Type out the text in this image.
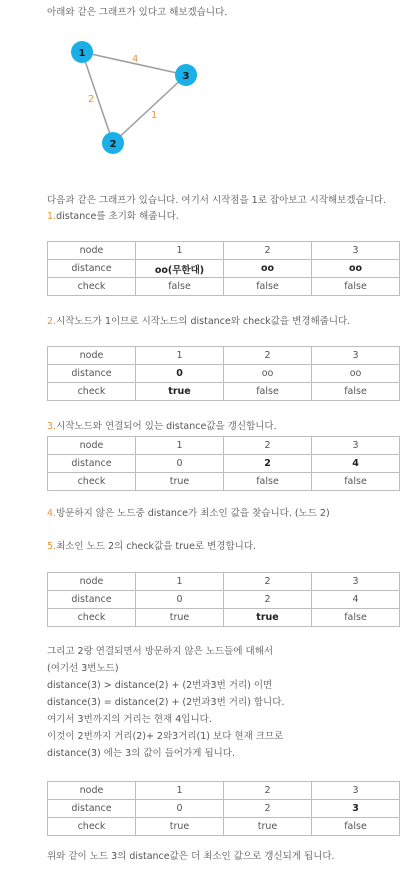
아래와 같은 그래프가 있다고 해보겠습니다.
4
2
1
1
3
2
다음과 같은 그래프가 있습니다. 여기서 시작점을 1로 잡아보고 시작해보겠습니다.
1.distance를 초기화 해줍니다.
node	1	2	3
distance	oo(무한대)	oo	oo
check	false	false	false
2.시작노드가 1이므로 시작노드의 distance와 check값을 변경해줍니다.
node	1	2	3
distance	0	oo	oo
check	true	false	false
3.시작노드와 연결되어 있는 distance값을 갱신합니다.
node	1	2	3
distance	0	2	4
check	true	false	false
4.방문하지 않은 노드중 distance가 최소인 값을 찾습니다. (노드 2)
5.최소인 노드 2의 check값을 true로 변경합니다.
node	1	2	3
distance	0	2	4
check	true	true	false
그리고 2랑 연결되면서 방문하지 않은 노드들에 대해서
(여기선 3번노드)
distance(3) > distance(2) + (2번과3번 거리) 이면
distance(3) = distance(2) + (2번과3번 거리) 합니다.
여기서 3번까지의 거리는 현재 4입니다.
이것이 2번까지 거리(2)+ 2와3거리(1) 보다 현재 크므로
distance(3) 에는 3의 값이 들어가게 됩니다.
node	1	2	3
distance	0	2	3
check	true	true	false
위와 같이 노드 3의 distance값은 더 최소인 값으로 갱신되게 됩니다.
